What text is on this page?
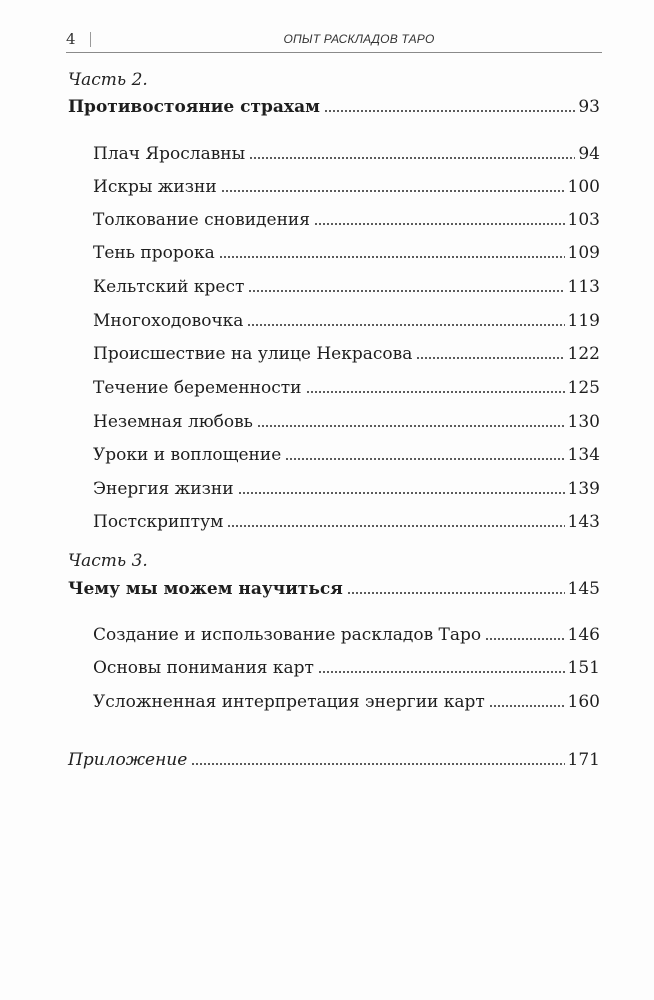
4	ОПЫТ РАСКЛАДОВ ТАРО
Часть 2.
Противостояние страхам	93
Плач Ярославны	94
Искры жизни	100
Толкование сновидения	103
Тень пророка	109
Кельтский крест	113
Многоходовочка	119
Происшествие на улице Некрасова	122
Течение беременности	125
Неземная любовь	130
Уроки и воплощение	134
Энергия жизни	139
Постскриптум	143
Часть 3.
Чему мы можем научиться	145
Создание и использование раскладов Таро	146
Основы понимания карт	151
Усложненная интерпретация энергии карт	160
Приложение	171
